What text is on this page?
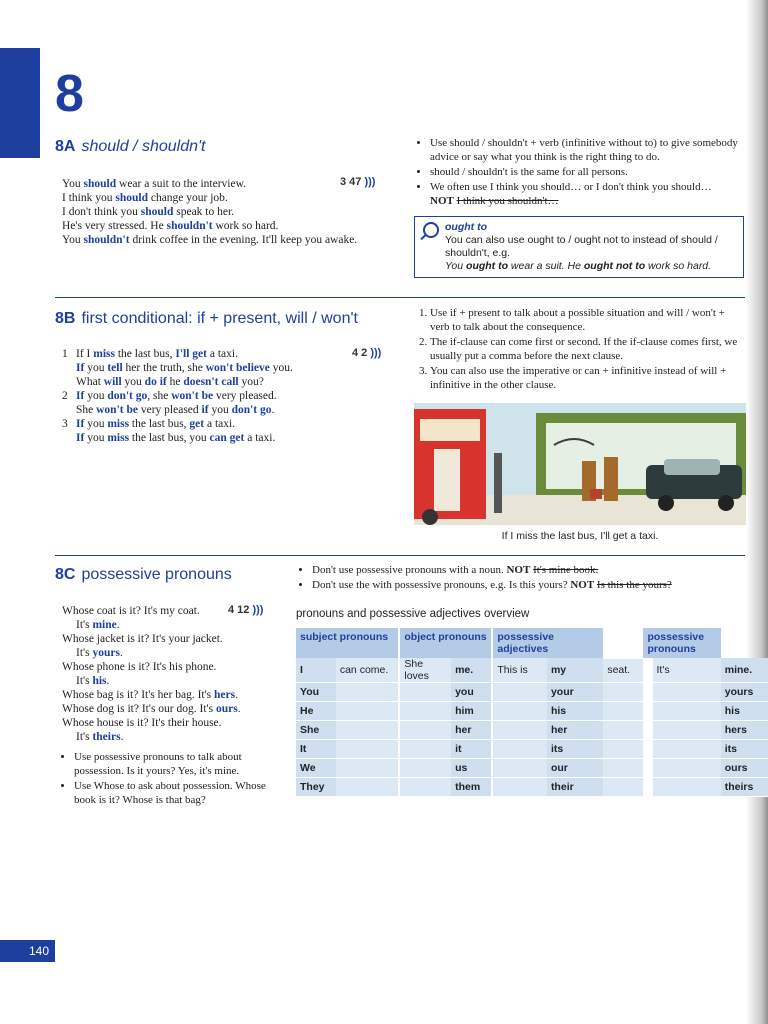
8
8A should / shouldn't
3 47 )))
You should wear a suit to the interview.
I think you should change your job.
I don't think you should speak to her.
He's very stressed. He shouldn't work so hard.
You shouldn't drink coffee in the evening. It'll keep you awake.
• Use should / shouldn't + verb (infinitive without to) to give somebody advice or say what you think is the right thing to do.
• should / shouldn't is the same for all persons.
• We often use I think you should… or I don't think you should…
NOT I think you shouldn't…
ought to
You can also use ought to / ought not to instead of should / shouldn't, e.g.
You ought to wear a suit. He ought not to work so hard.
8B first conditional: if + present, will / won't
4 2 )))
1 If I miss the last bus, I'll get a taxi.
If you tell her the truth, she won't believe you.
What will you do if he doesn't call you?
2 If you don't go, she won't be very pleased.
She won't be very pleased if you don't go.
3 If you miss the last bus, get a taxi.
If you miss the last bus, you can get a taxi.
1. Use if + present to talk about a possible situation and will / won't + verb to talk about the consequence.
2. The if-clause can come first or second. If the if-clause comes first, we usually put a comma before the next clause.
3. You can also use the imperative or can + infinitive instead of will + infinitive in the other clause.
If I miss the last bus, I'll get a taxi.
8C possessive pronouns
4 12 )))
Whose coat is it? It's my coat.
It's mine.
Whose jacket is it? It's your jacket.
It's yours.
Whose phone is it? It's his phone.
It's his.
Whose bag is it? It's her bag. It's hers.
Whose dog is it? It's our dog. It's ours.
Whose house is it? It's their house.
It's theirs.
• Use possessive pronouns to talk about possession. Is it yours? Yes, it's mine.
• Use Whose to ask about possession. Whose book is it? Whose is that bag?
• Don't use possessive pronouns with a noun. NOT It's mine book.
• Don't use the with possessive pronouns, e.g. Is this yours? NOT Is this the yours?
pronouns and possessive adjectives overview
subject pronouns			object pronouns			possessive adjectives			possessive pronouns		
I	can come.		She loves	me.		This is	my	seat.		It's	mine.
You				you			your				yours
He				him			his				his
She				her			her				hers
It				it			its				its
We				us			our				ours
They				them			their				theirs
140
